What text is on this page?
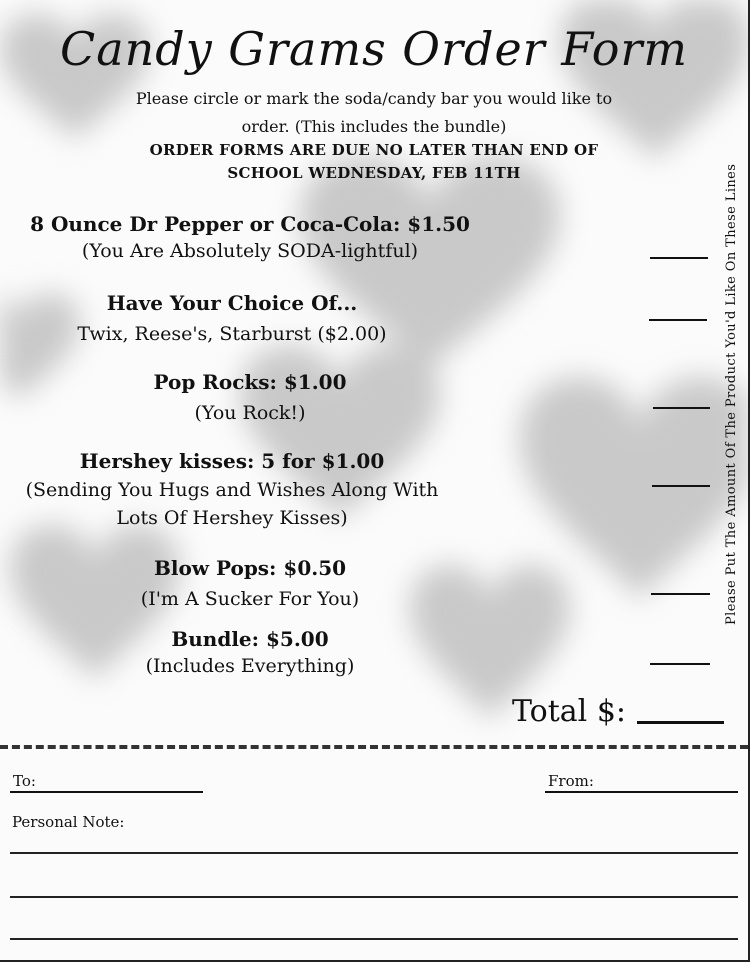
Candy Grams Order Form
Please circle or mark the soda/candy bar you would like to
order. (This includes the bundle)
ORDER FORMS ARE DUE NO LATER THAN END OF
SCHOOL WEDNESDAY, FEB 11TH
8 Ounce Dr Pepper or Coca-Cola: $1.50
(You Are Absolutely SODA-lightful)
Have Your Choice Of...
Twix, Reese's, Starburst ($2.00)
Pop Rocks: $1.00
(You Rock!)
Hershey kisses: 5 for $1.00
(Sending You Hugs and Wishes Along With
Lots Of Hershey Kisses)
Blow Pops: $0.50
(I'm A Sucker For You)
Bundle: $5.00
(Includes Everything)
Please Put The Amount Of The Product You'd Like On These Lines
Total $:
To:	From:
Personal Note:
